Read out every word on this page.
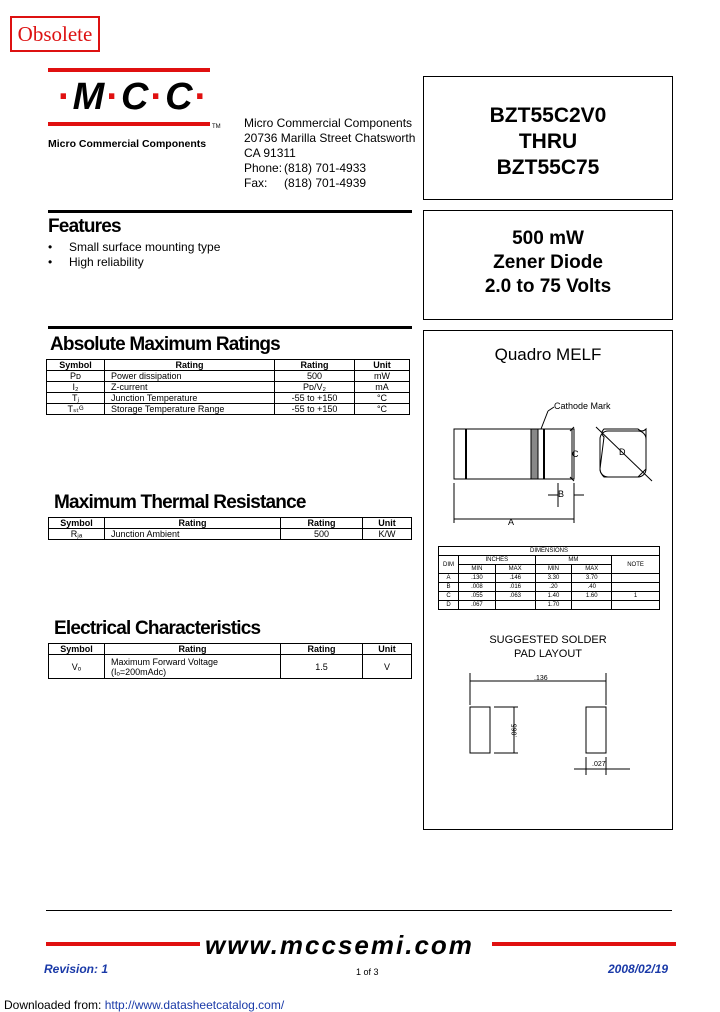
Obsolete
·M·C·C·
TM
Micro Commercial Components
Micro Commercial Components
20736 Marilla Street Chatsworth
CA 91311
Phone: (818) 701-4933
Fax: (818) 701-4939
BZT55C2V0
THRU
BZT55C75
500 mW
Zener Diode
2.0 to 75 Volts
Features
• Small surface mounting type
• High reliability
Absolute Maximum Ratings
Symbol	Rating	Rating	Unit
Pᴅ	Power dissipation	500	mW
I₂	Z-current	Pᴅ/V₂	mA
Tⱼ	Junction Temperature	-55 to +150	°C
Tₛₜᴳ	Storage Temperature Range	-55 to +150	°C
Maximum Thermal Resistance
Symbol	Rating	Rating	Unit
Rⱼₐ	Junction Ambient	500	K/W
Electrical Characteristics
Symbol	Rating	Rating	Unit
Vₒ	Maximum Forward Voltage
(Iₒ=200mAdc)	1.5	V
Quadro MELF
Cathode Mark
C	D
B
A
DIMENSIONS					
DIM	INCHES		MM		NOTE
	MIN	MAX	MIN	MAX	
A	.130	.146	3.30	3.70	
B	.008	.016	.20	.40	
C	.055	.063	1.40	1.60	1
D	.067		1.70		
SUGGESTED SOLDER
PAD LAYOUT
.136
.065
.027
www.mccsemi.com
Revision: 1	1 of 3	2008/02/19
Downloaded from: http://www.datasheetcatalog.com/
